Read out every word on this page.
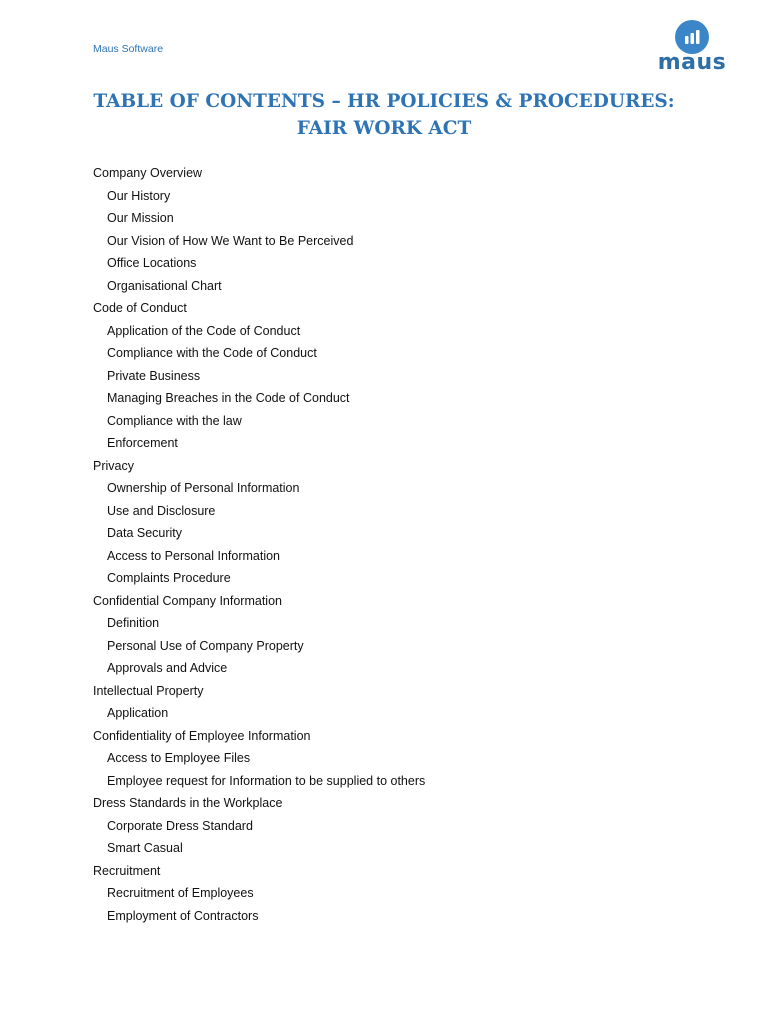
Maus Software
maus
TABLE OF CONTENTS – HR POLICIES & PROCEDURES:
FAIR WORK ACT
Company Overview
Our History
Our Mission
Our Vision of How We Want to Be Perceived
Office Locations
Organisational Chart
Code of Conduct
Application of the Code of Conduct
Compliance with the Code of Conduct
Private Business
Managing Breaches in the Code of Conduct
Compliance with the law
Enforcement
Privacy
Ownership of Personal Information
Use and Disclosure
Data Security
Access to Personal Information
Complaints Procedure
Confidential Company Information
Definition
Personal Use of Company Property
Approvals and Advice
Intellectual Property
Application
Confidentiality of Employee Information
Access to Employee Files
Employee request for Information to be supplied to others
Dress Standards in the Workplace
Corporate Dress Standard
Smart Casual
Recruitment
Recruitment of Employees
Employment of Contractors
